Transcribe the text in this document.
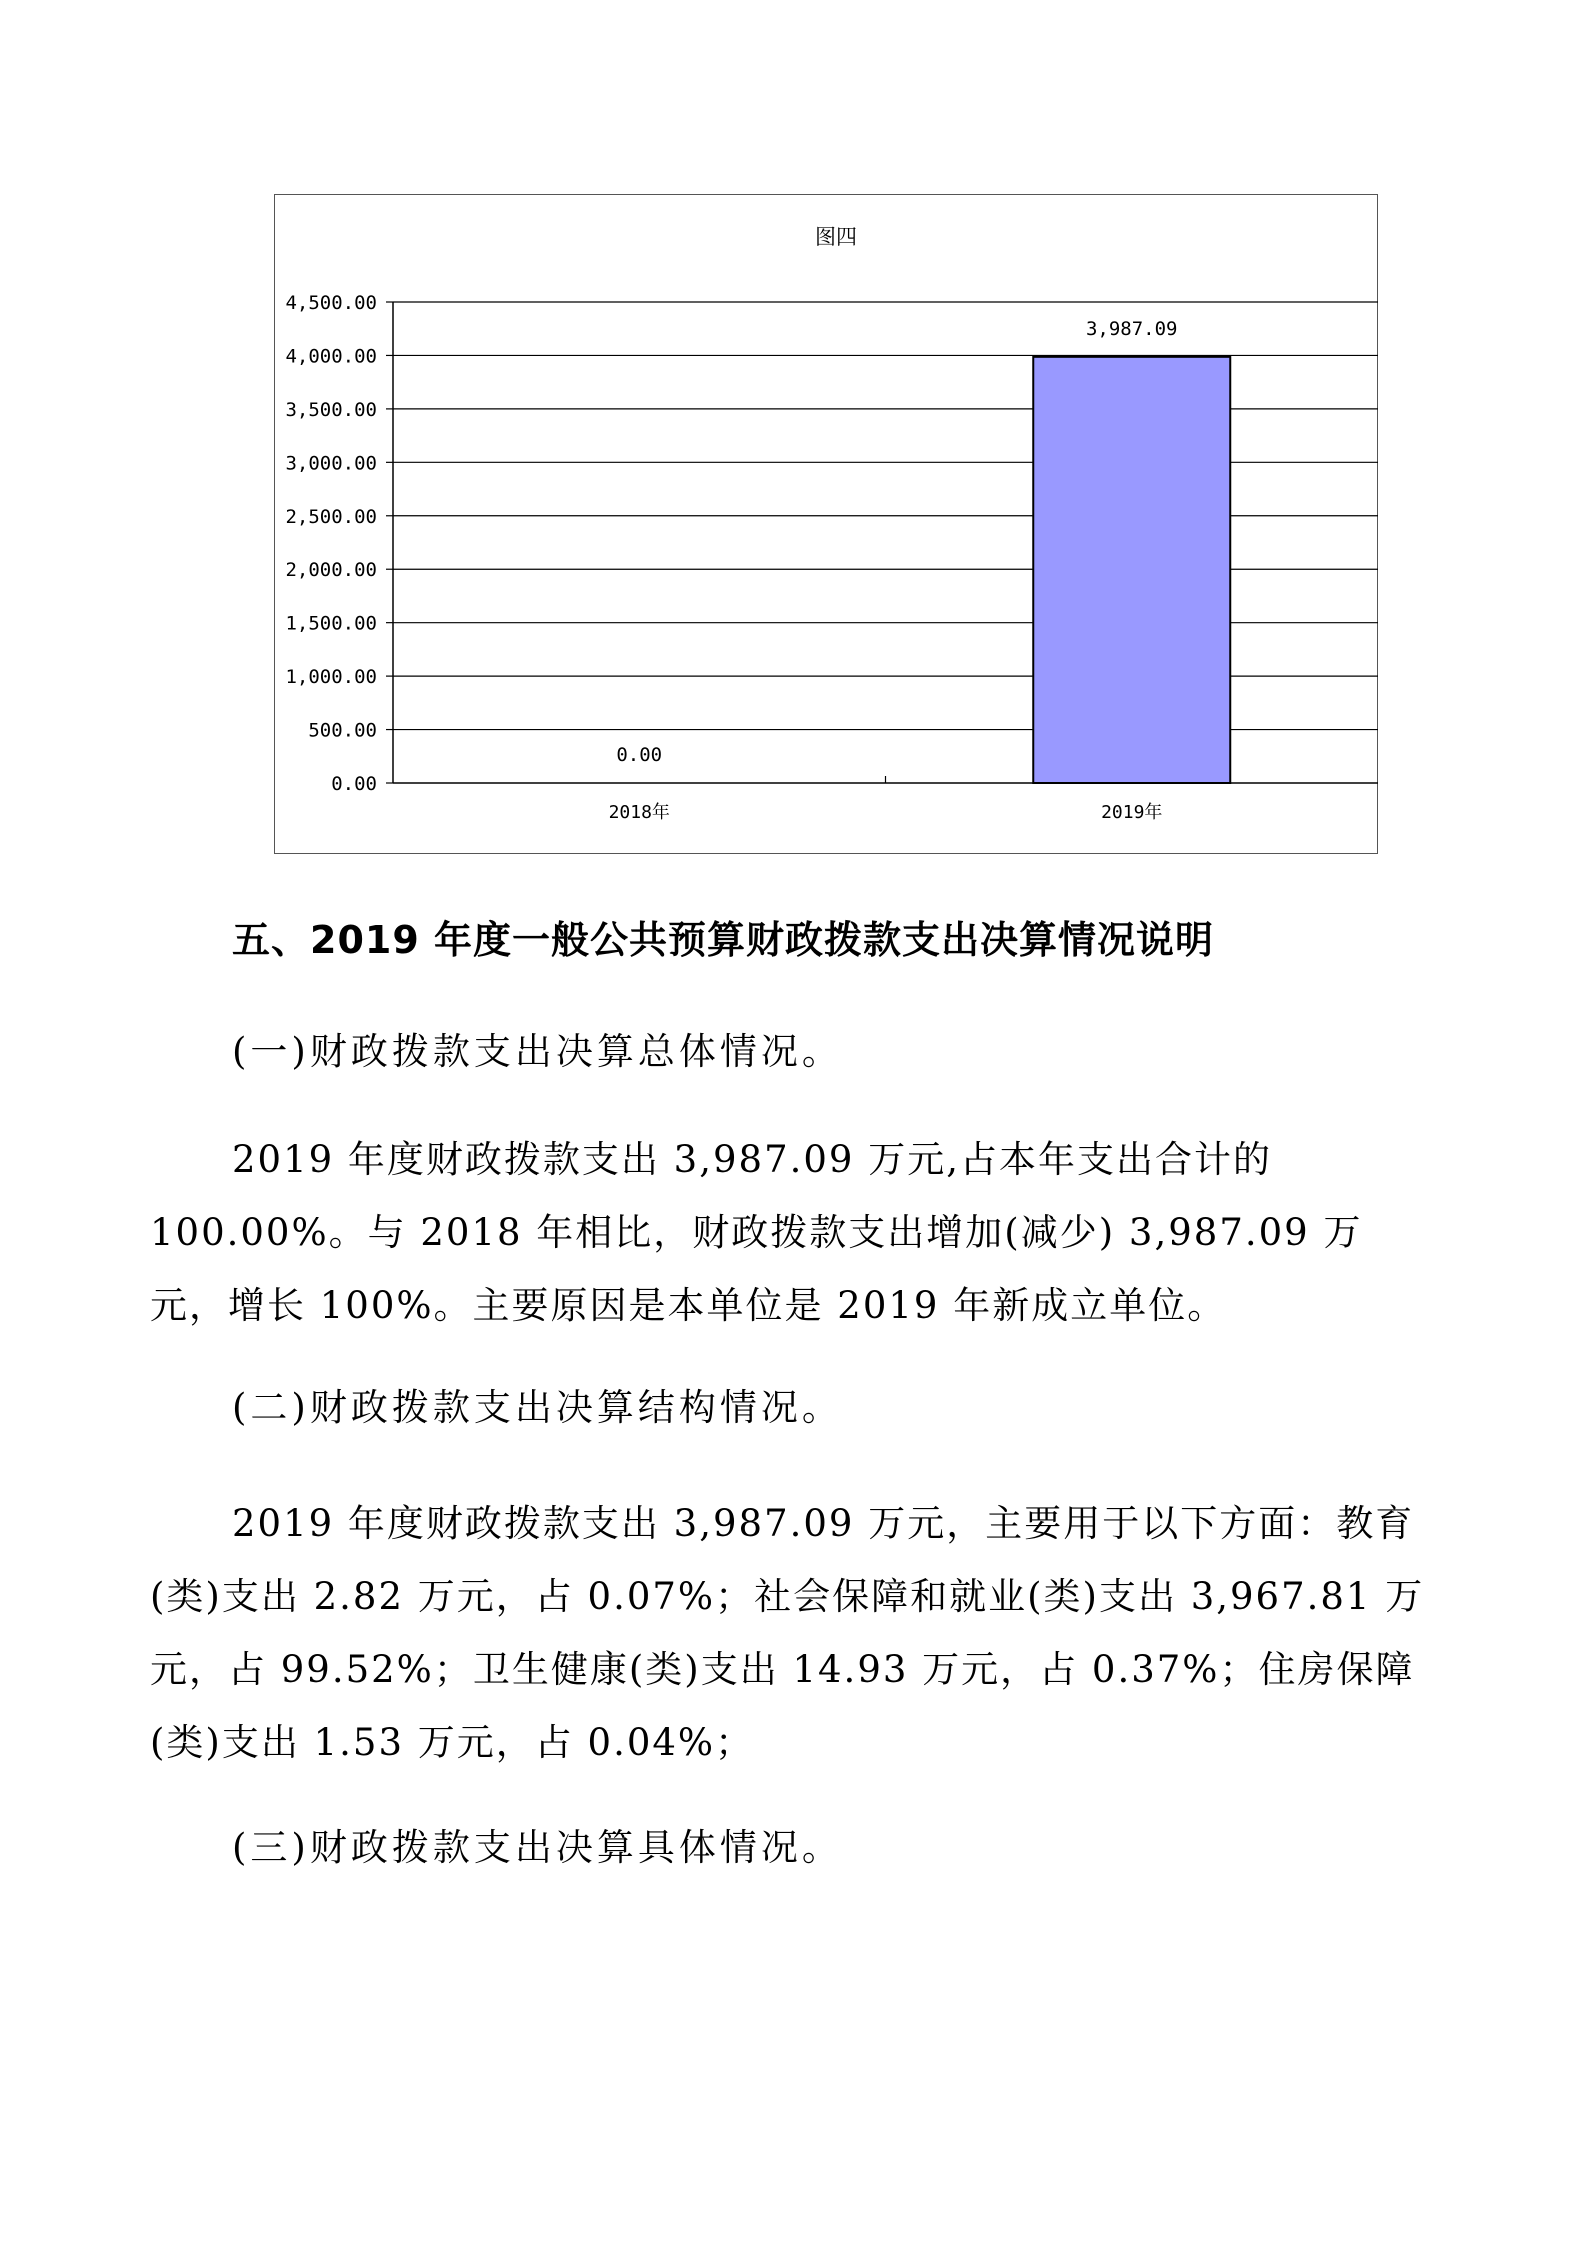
0.00
500.00
1,000.00
1,500.00
2,000.00
2,500.00
3,000.00
3,500.00
4,000.00
4,500.00
0.00
3,987.09
2018年	2019年
图四
五、2019 年度一般公共预算财政拨款支出决算情况说明

(一)财政拨款支出决算总体情况。

2019 年度财政拨款支出 3,987.09 万元,占本年支出合计的 100.00%。与 2018 年相比，财政拨款支出增加(减少) 3,987.09 万元，增长 100%。主要原因是本单位是 2019 年新成立单位。

(二)财政拨款支出决算结构情况。

2019 年度财政拨款支出 3,987.09 万元，主要用于以下方面：教育(类)支出 2.82 万元，占 0.07%；社会保障和就业(类)支出 3,967.81 万元，占 99.52%；卫生健康(类)支出 14.93 万元，占 0.37%；住房保障(类)支出 1.53 万元，占 0.04%；

(三)财政拨款支出决算具体情况。
